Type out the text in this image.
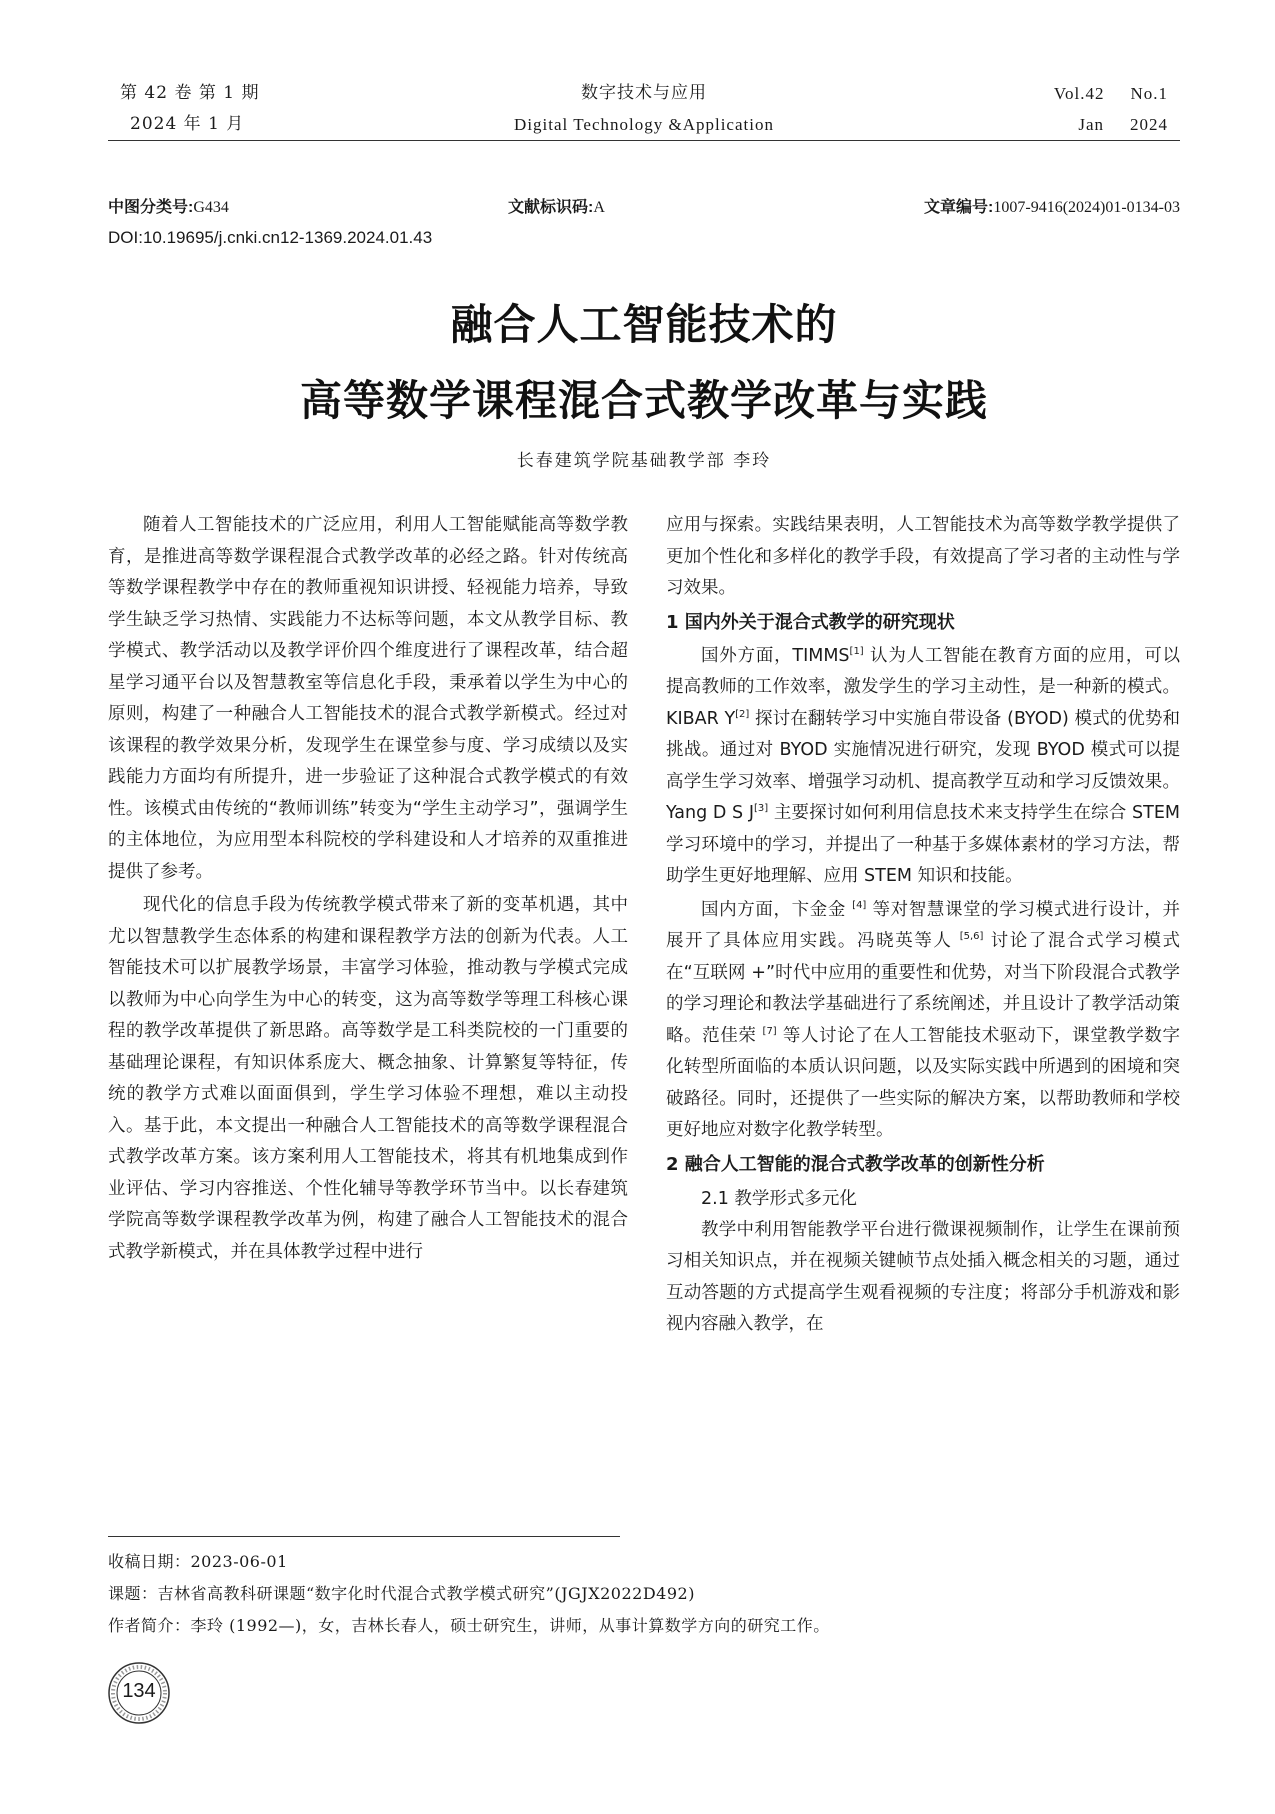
第 42 卷 第 1 期
2024 年 1 月
数字技术与应用
Digital Technology &Application
Vol.42 No.1
Jan 2024
中图分类号:G434	文献标识码:A	文章编号:1007-9416(2024)01-0134-03
DOI:10.19695/j.cnki.cn12-1369.2024.01.43
融合人工智能技术的
高等数学课程混合式教学改革与实践
长春建筑学院基础教学部 李玲

随着人工智能技术的广泛应用，利用人工智能赋能高等数学教育，是推进高等数学课程混合式教学改革的必经之路。针对传统高等数学课程教学中存在的教师重视知识讲授、轻视能力培养，导致学生缺乏学习热情、实践能力不达标等问题，本文从教学目标、教学模式、教学活动以及教学评价四个维度进行了课程改革，结合超星学习通平台以及智慧教室等信息化手段，秉承着以学生为中心的原则，构建了一种融合人工智能技术的混合式教学新模式。经过对该课程的教学效果分析，发现学生在课堂参与度、学习成绩以及实践能力方面均有所提升，进一步验证了这种混合式教学模式的有效性。该模式由传统的“教师训练”转变为“学生主动学习”，强调学生的主体地位，为应用型本科院校的学科建设和人才培养的双重推进提供了参考。

现代化的信息手段为传统教学模式带来了新的变革机遇，其中尤以智慧教学生态体系的构建和课程教学方法的创新为代表。人工智能技术可以扩展教学场景，丰富学习体验，推动教与学模式完成以教师为中心向学生为中心的转变，这为高等数学等理工科核心课程的教学改革提供了新思路。高等数学是工科类院校的一门重要的基础理论课程，有知识体系庞大、概念抽象、计算繁复等特征，传统的教学方式难以面面俱到，学生学习体验不理想，难以主动投入。基于此，本文提出一种融合人工智能技术的高等数学课程混合式教学改革方案。该方案利用人工智能技术，将其有机地集成到作业评估、学习内容推送、个性化辅导等教学环节当中。以长春建筑学院高等数学课程教学改革为例，构建了融合人工智能技术的混合式教学新模式，并在具体教学过程中进行

应用与探索。实践结果表明，人工智能技术为高等数学教学提供了更加个性化和多样化的教学手段，有效提高了学习者的主动性与学习效果。

1 国内外关于混合式教学的研究现状

国外方面，TIMMS[1] 认为人工智能在教育方面的应用，可以提高教师的工作效率，激发学生的学习主动性，是一种新的模式。KIBAR Y[2] 探讨在翻转学习中实施自带设备 (BYOD) 模式的优势和挑战。通过对 BYOD 实施情况进行研究，发现 BYOD 模式可以提高学生学习效率、增强学习动机、提高教学互动和学习反馈效果。Yang D S J[3] 主要探讨如何利用信息技术来支持学生在综合 STEM 学习环境中的学习，并提出了一种基于多媒体素材的学习方法，帮助学生更好地理解、应用 STEM 知识和技能。

国内方面，卞金金 [4] 等对智慧课堂的学习模式进行设计，并展开了具体应用实践。冯晓英等人 [5,6] 讨论了混合式学习模式在“互联网 +”时代中应用的重要性和优势，对当下阶段混合式教学的学习理论和教法学基础进行了系统阐述，并且设计了教学活动策略。范佳荣 [7] 等人讨论了在人工智能技术驱动下，课堂教学数字化转型所面临的本质认识问题，以及实际实践中所遇到的困境和突破路径。同时，还提供了一些实际的解决方案，以帮助教师和学校更好地应对数字化教学转型。

2 融合人工智能的混合式教学改革的创新性分析
2.1 教学形式多元化

教学中利用智能教学平台进行微课视频制作，让学生在课前预习相关知识点，并在视频关键帧节点处插入概念相关的习题，通过互动答题的方式提高学生观看视频的专注度；将部分手机游戏和影视内容融入教学，在

收稿日期：2023-06-01
课题：吉林省高教科研课题“数字化时代混合式教学模式研究”(JGJX2022D492)
作者简介：李玲 (1992—)，女，吉林长春人，硕士研究生，讲师，从事计算数学方向的研究工作。
134
